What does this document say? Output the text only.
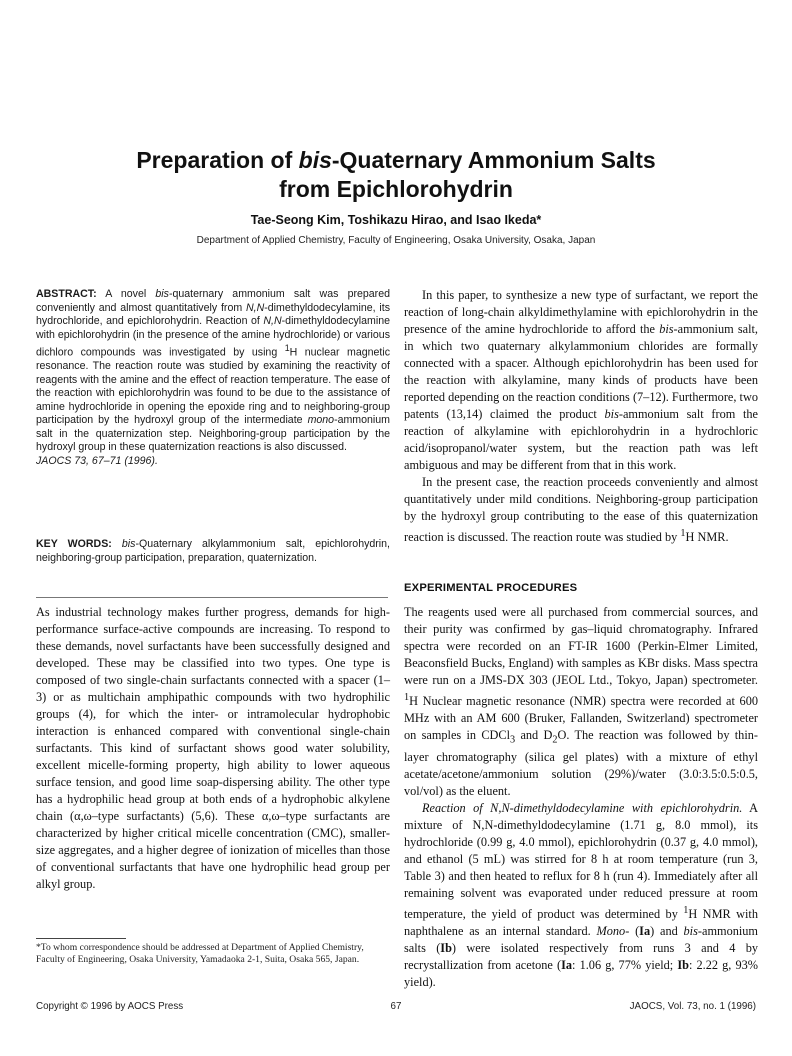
Preparation of bis-Quaternary Ammonium Salts
from Epichlorohydrin
Tae-Seong Kim, Toshikazu Hirao, and Isao Ikeda*
Department of Applied Chemistry, Faculty of Engineering, Osaka University, Osaka, Japan
ABSTRACT: A novel bis-quaternary ammonium salt was prepared conveniently and almost quantitatively from N,N-dimethyldodecylamine, its hydrochloride, and epichlorohydrin. Reaction of N,N-dimethyldodecylamine with epichlorohydrin (in the presence of the amine hydrochloride) or various dichloro compounds was investigated by using $^1$H nuclear magnetic resonance. The reaction route was studied by examining the reactivity of reagents with the amine and the effect of reaction temperature. The ease of the reaction with epichlorohydrin was found to be due to the assistance of amine hydrochloride in opening the epoxide ring and to neighboring-group participation by the hydroxyl group of the intermediate mono-ammonium salt in the quaternization step. Neighboring-group participation by the hydroxyl group in these quaternization reactions is also discussed.
JAOCS 73, 67–71 (1996).
KEY WORDS: bis-Quaternary alkylammonium salt, epichlorohydrin, neighboring-group participation, preparation, quaternization.

As industrial technology makes further progress, demands for high-performance surface-active compounds are increasing. To respond to these demands, novel surfactants have been successfully designed and developed. These may be classified into two types. One type is composed of two single-chain surfactants connected with a spacer (1–3) or as multichain amphipathic compounds with two hydrophilic groups (4), for which the inter- or intramolecular hydrophobic interaction is enhanced compared with conventional single-chain surfactants. This kind of surfactant shows good water solubility, excellent micelle-forming property, high ability to lower aqueous surface tension, and good lime soap-dispersing ability. The other type has a hydrophilic head group at both ends of a hydrophobic alkylene chain (α,ω–type surfactants) (5,6). These α,ω–type surfactants are characterized by higher critical micelle concentration (CMC), smaller-size aggregates, and a higher degree of ionization of micelles than those of conventional surfactants that have one hydrophilic head group per alkyl group.

In this paper, to synthesize a new type of surfactant, we report the reaction of long-chain alkyldimethylamine with epichlorohydrin in the presence of the amine hydrochloride to afford the bis-ammonium salt, in which two quaternary alkylammonium chlorides are formally connected with a spacer. Although epichlorohydrin has been used for the reaction with alkylamine, many kinds of products have been reported depending on the reaction conditions (7–12). Furthermore, two patents (13,14) claimed the product bis-ammonium salt from the reaction of alkylamine with epichlorohydrin in a hydrochloric acid/isopropanol/water system, but the reaction path was left ambiguous and may be different from that in this work.

In the present case, the reaction proceeds conveniently and almost quantitatively under mild conditions. Neighboring-group participation by the hydroxyl group contributing to the ease of this quaternization reaction is discussed. The reaction route was studied by $^1$H NMR.

EXPERIMENTAL PROCEDURES

The reagents used were all purchased from commercial sources, and their purity was confirmed by gas–liquid chromatography. Infrared spectra were recorded on an FT-IR 1600 (Perkin-Elmer Limited, Beaconsfield Bucks, England) with samples as KBr disks. Mass spectra were run on a JMS-DX 303 (JEOL Ltd., Tokyo, Japan) spectrometer. $^1$H Nuclear magnetic resonance (NMR) spectra were recorded at 600 MHz with an AM 600 (Bruker, Fallanden, Switzerland) spectrometer on samples in CDCl$_3$ and $D_2O$. The reaction was followed by thin-layer chromatography (silica gel plates) with a mixture of ethyl acetate/acetone/ammonium solution (29%)/water (3.0:3.5:0.5:0.5, vol/vol) as the eluent.

Reaction of N,N-dimethyldodecylamine with epichlorohydrin. A mixture of N,N-dimethyldodecylamine (1.71 g, 8.0 mmol), its hydrochloride (0.99 g, 4.0 mmol), epichlorohydrin (0.37 g, 4.0 mmol), and ethanol (5 mL) was stirred for 8 h at room temperature (run 3, Table 3) and then heated to reflux for 8 h (run 4). Immediately after all remaining solvent was evaporated under reduced pressure at room temperature, the yield of product was determined by $^1$H NMR with naphthalene as an internal standard. Mono- (Ia) and bis-ammonium salts (Ib) were isolated respectively from runs 3 and 4 by recrystallization from acetone (Ia: 1.06 g, 77% yield; Ib: 2.22 g, 93% yield).

*To whom correspondence should be addressed at Department of Applied Chemistry, Faculty of Engineering, Osaka University, Yamadaoka 2-1, Suita, Osaka 565, Japan.
Copyright © 1996 by AOCS Press	67	JAOCS, Vol. 73, no. 1 (1996)
